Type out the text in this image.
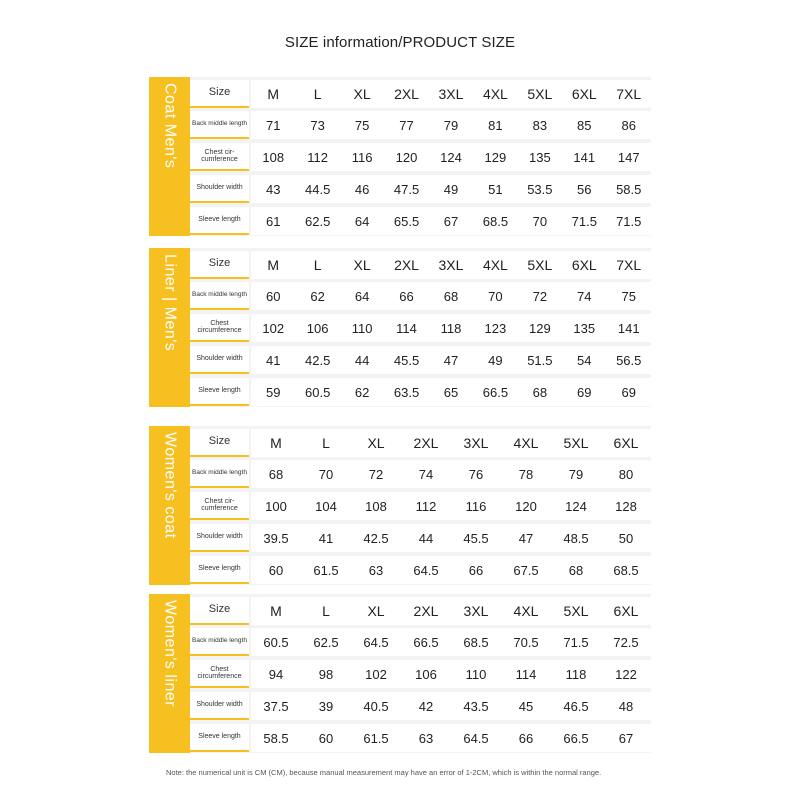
SIZE information/PRODUCT SIZE
Coat Men's	Size	M	L	XL	2XL	3XL	4XL	5XL	6XL	7XL
Back middle length	71	73	75	77	79	81	83	85	86
Chest cir-cumference	108	112	116	120	124	129	135	141	147
Shoulder width	43	44.5	46	47.5	49	51	53.5	56	58.5
Sleeve length	61	62.5	64	65.5	67	68.5	70	71.5	71.5
Liner | Men's	Size	M	L	XL	2XL	3XL	4XL	5XL	6XL	7XL
Back middle length	60	62	64	66	68	70	72	74	75
Chest circumference	102	106	110	114	118	123	129	135	141
Shoulder width	41	42.5	44	45.5	47	49	51.5	54	56.5
Sleeve length	59	60.5	62	63.5	65	66.5	68	69	69
Women's coat	Size	M	L	XL	2XL	3XL	4XL	5XL	6XL
Back middle length	68	70	72	74	76	78	79	80
Chest cir-cumference	100	104	108	112	116	120	124	128
Shoulder width	39.5	41	42.5	44	45.5	47	48.5	50
Sleeve length	60	61.5	63	64.5	66	67.5	68	68.5
Women's liner	Size	M	L	XL	2XL	3XL	4XL	5XL	6XL
Back middle length	60.5	62.5	64.5	66.5	68.5	70.5	71.5	72.5
Chest circumference	94	98	102	106	110	114	118	122
Shoulder width	37.5	39	40.5	42	43.5	45	46.5	48
Sleeve length	58.5	60	61.5	63	64.5	66	66.5	67
Note: the numerical unit is CM (CM), because manual measurement may have an error of 1-2CM, which is within the normal range.
